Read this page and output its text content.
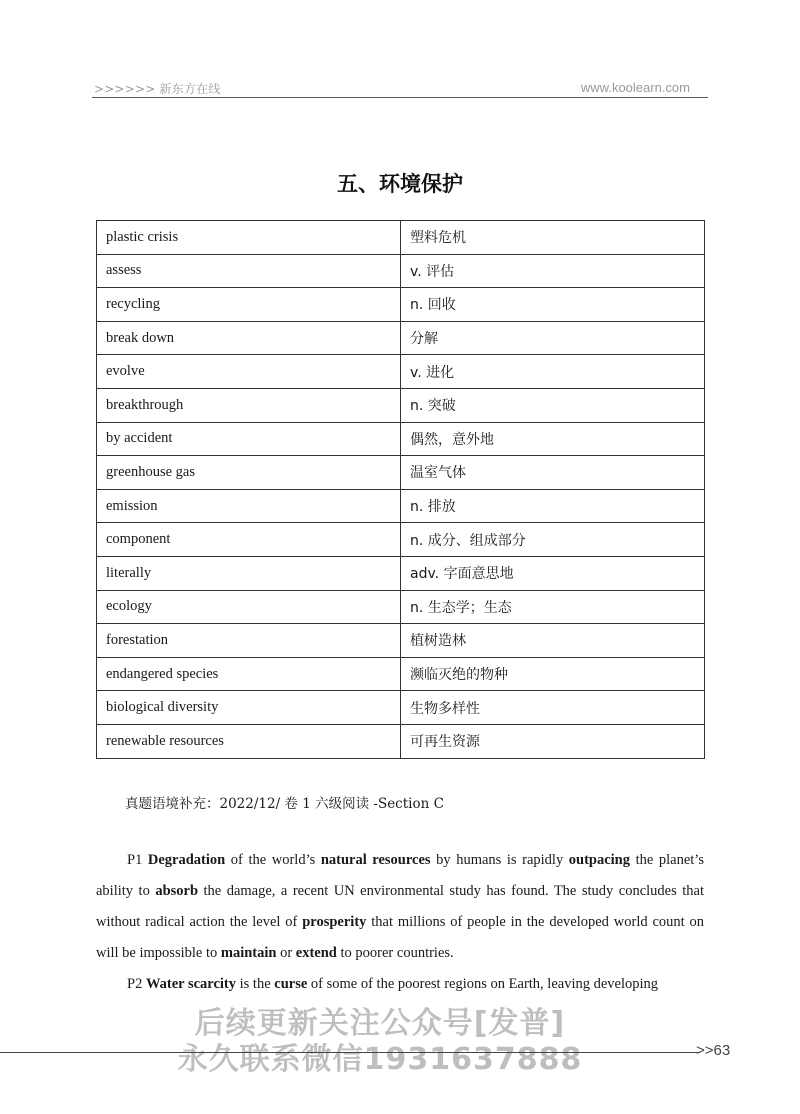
>>>>>> 新东方在线	www.koolearn.com
五、环境保护
plastic crisis	塑料危机
assess	v. 评估
recycling	n. 回收
break down	分解
evolve	v. 进化
breakthrough	n. 突破
by accident	偶然，意外地
greenhouse gas	温室气体
emission	n. 排放
component	n. 成分、组成部分
literally	adv. 字面意思地
ecology	n. 生态学；生态
forestation	植树造林
endangered species	濒临灭绝的物种
biological diversity	生物多样性
renewable resources	可再生资源
真题语境补充：2022/12/ 卷 1 六级阅读 -Section C

P1 Degradation of the world’s natural resources by humans is rapidly outpacing the planet’s ability to absorb the damage, a recent UN environmental study has found. The study concludes that without radical action the level of prosperity that millions of people in the developed world count on will be impossible to maintain or extend to poorer countries.

P2 Water scarcity is the curse of some of the poorest regions on Earth, leaving developing

后续更新关注公众号[发普]
永久联系微信1931637888	>>63
